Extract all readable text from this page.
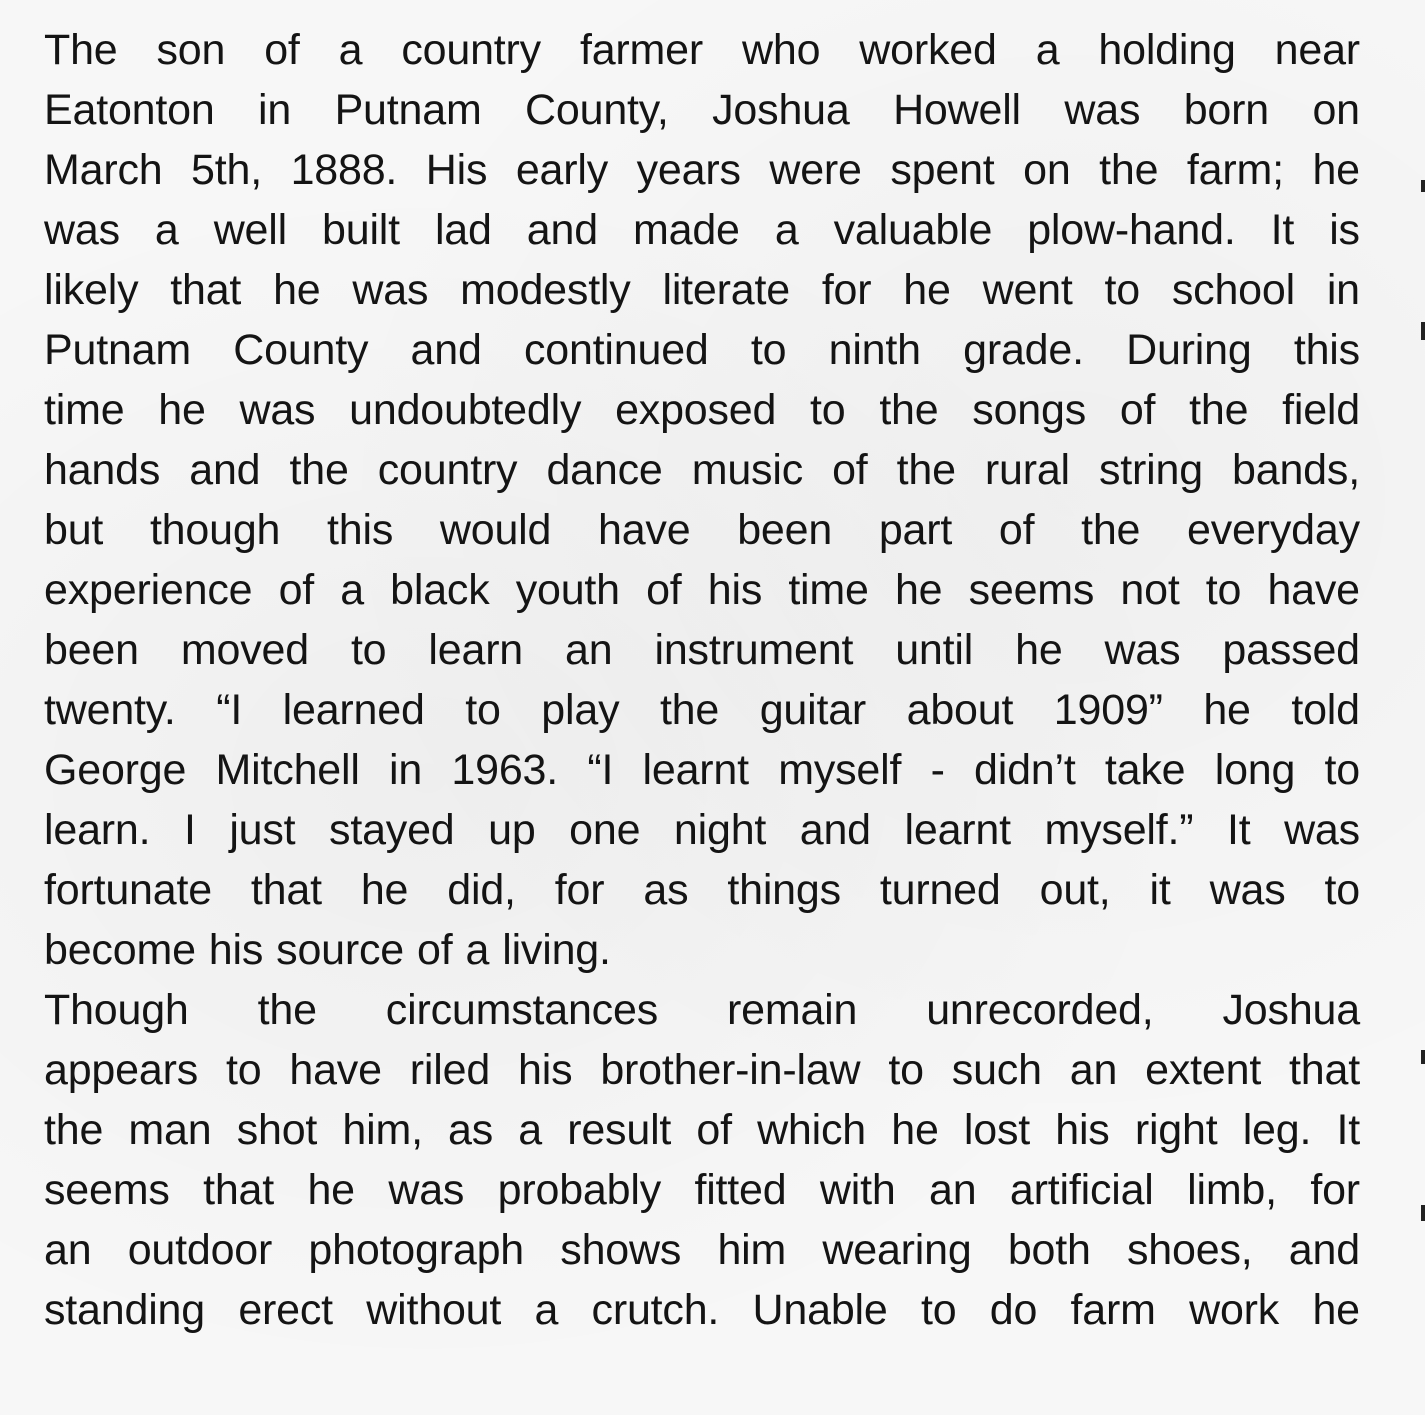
The son of a country farmer who worked a holding near
Eatonton in Putnam County, Joshua Howell was born on
March 5th, 1888. His early years were spent on the farm; he
was a well built lad and made a valuable plow-hand. It is
likely that he was modestly literate for he went to school in
Putnam County and continued to ninth grade. During this
time he was undoubtedly exposed to the songs of the field
hands and the country dance music of the rural string bands,
but though this would have been part of the everyday
experience of a black youth of his time he seems not to have
been moved to learn an instrument until he was passed
twenty. “I learned to play the guitar about 1909” he told
George Mitchell in 1963. “I learnt myself - didn’t take long to
learn. I just stayed up one night and learnt myself.” It was
fortunate that he did, for as things turned out, it was to
become his source of a living.
Though the circumstances remain unrecorded, Joshua
appears to have riled his brother-in-law to such an extent that
the man shot him, as a result of which he lost his right leg. It
seems that he was probably fitted with an artificial limb, for
an outdoor photograph shows him wearing both shoes, and
standing erect without a crutch. Unable to do farm work he
